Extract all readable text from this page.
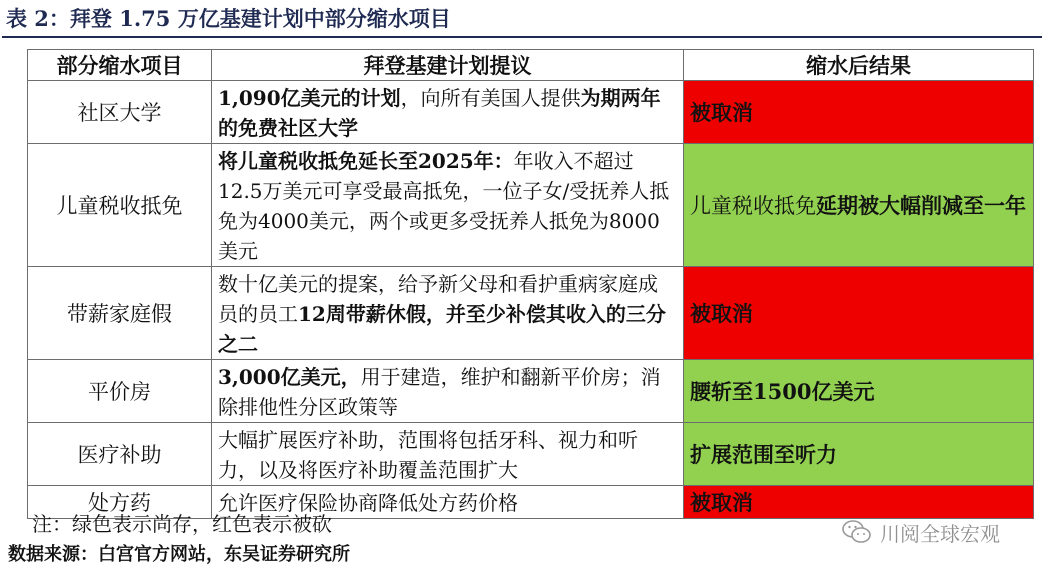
表 2：拜登 1.75 万亿基建计划中部分缩水项目
部分缩水项目	拜登基建计划提议	缩水后结果
社区大学	1,090亿美元的计划，向所有美国人提供为期两年的免费社区大学	被取消
儿童税收抵免	将儿童税收抵免延长至2025年：年收入不超过12.5万美元可享受最高抵免，一位子女/受抚养人抵免为4000美元，两个或更多受抚养人抵免为8000美元	儿童税收抵免延期被大幅削减至一年
带薪家庭假	数十亿美元的提案，给予新父母和看护重病家庭成员的员工12周带薪休假，并至少补偿其收入的三分之二	被取消
平价房	3,000亿美元，用于建造，维护和翻新平价房；消除排他性分区政策等	腰斩至1500亿美元
医疗补助	大幅扩展医疗补助，范围将包括牙科、视力和听力，以及将医疗补助覆盖范围扩大	扩展范围至听力
处方药	允许医疗保险协商降低处方药价格	被取消
注：绿色表示尚存，红色表示被砍
数据来源：白宫官方网站，东吴证券研究所
川阅全球宏观
